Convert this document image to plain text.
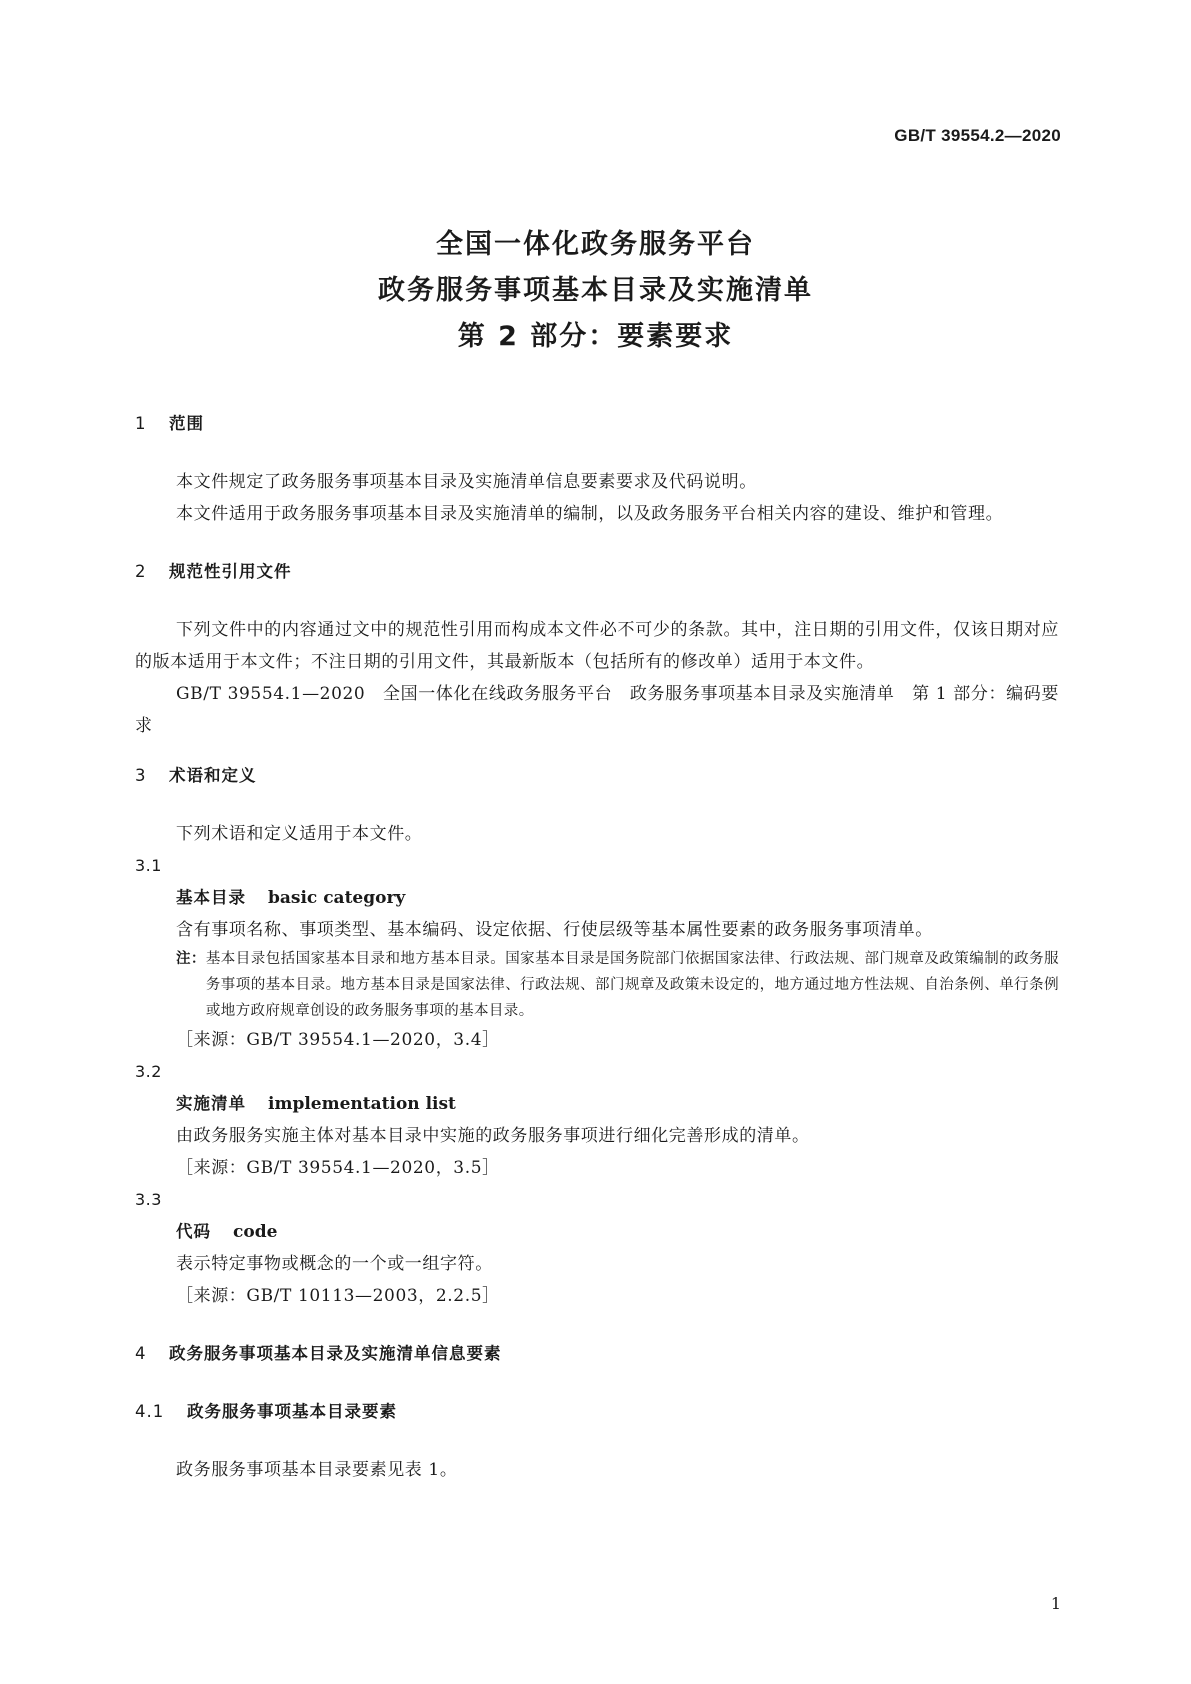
GB/T 39554.2—2020
全国一体化政务服务平台
政务服务事项基本目录及实施清单
第 2 部分：要素要求
1 范围
本文件规定了政务服务事项基本目录及实施清单信息要素要求及代码说明。
本文件适用于政务服务事项基本目录及实施清单的编制，以及政务服务平台相关内容的建设、维护和管理。
2 规范性引用文件
下列文件中的内容通过文中的规范性引用而构成本文件必不可少的条款。其中，注日期的引用文件，仅该日期对应的版本适用于本文件；不注日期的引用文件，其最新版本（包括所有的修改单）适用于本文件。
GB/T 39554.1—2020　全国一体化在线政务服务平台　政务服务事项基本目录及实施清单　第 1 部分：编码要求
3 术语和定义
下列术语和定义适用于本文件。
3.1
基本目录 basic category
含有事项名称、事项类型、基本编码、设定依据、行使层级等基本属性要素的政务服务事项清单。
注： 基本目录包括国家基本目录和地方基本目录。国家基本目录是国务院部门依据国家法律、行政法规、部门规章及政策编制的政务服务事项的基本目录。地方基本目录是国家法律、行政法规、部门规章及政策未设定的，地方通过地方性法规、自治条例、单行条例或地方政府规章创设的政务服务事项的基本目录。
［来源：GB/T 39554.1—2020，3.4］
3.2
实施清单 implementation list
由政务服务实施主体对基本目录中实施的政务服务事项进行细化完善形成的清单。
［来源：GB/T 39554.1—2020，3.5］
3.3
代码 code
表示特定事物或概念的一个或一组字符。
［来源：GB/T 10113—2003，2.2.5］
4 政务服务事项基本目录及实施清单信息要素
4.1 政务服务事项基本目录要素
政务服务事项基本目录要素见表 1。
1
